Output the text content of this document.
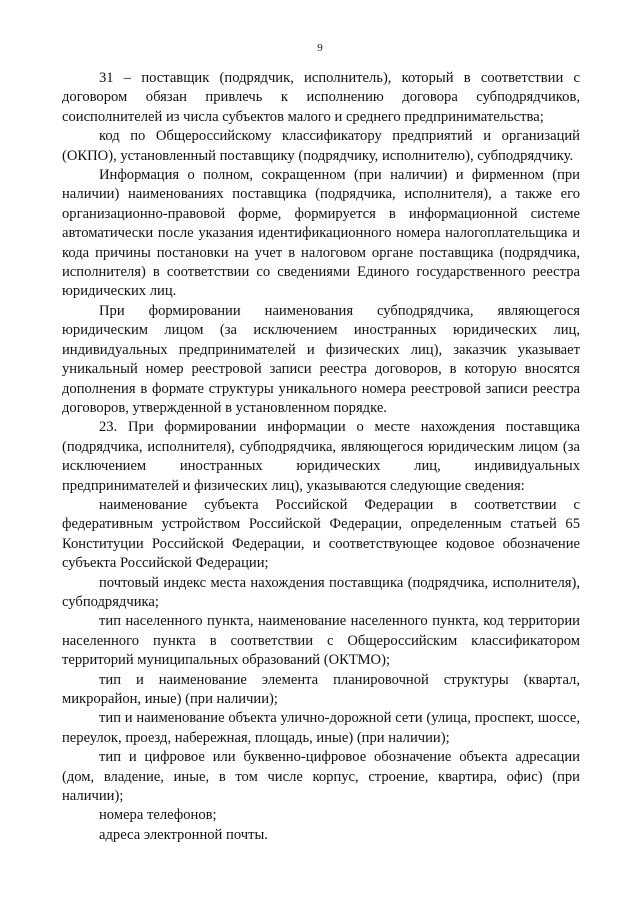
9

31 – поставщик (подрядчик, исполнитель), который в соответствии с договором обязан привлечь к исполнению договора субподрядчиков, соисполнителей из числа субъектов малого и среднего предпринимательства;

код по Общероссийскому классификатору предприятий и организаций (ОКПО), установленный поставщику (подрядчику, исполнителю), субподрядчику.

Информация о полном, сокращенном (при наличии) и фирменном (при наличии) наименованиях поставщика (подрядчика, исполнителя), а также его организационно-правовой форме, формируется в информационной системе автоматически после указания идентификационного номера налогоплательщика и кода причины постановки на учет в налоговом органе поставщика (подрядчика, исполнителя) в соответствии со сведениями Единого государственного реестра юридических лиц.

При формировании наименования субподрядчика, являющегося юридическим лицом (за исключением иностранных юридических лиц, индивидуальных предпринимателей и физических лиц), заказчик указывает уникальный номер реестровой записи реестра договоров, в которую вносятся дополнения в формате структуры уникального номера реестровой записи реестра договоров, утвержденной в установленном порядке.

23. При формировании информации о месте нахождения поставщика (подрядчика, исполнителя), субподрядчика, являющегося юридическим лицом (за исключением иностранных юридических лиц, индивидуальных предпринимателей и физических лиц), указываются следующие сведения:

наименование субъекта Российской Федерации в соответствии с федеративным устройством Российской Федерации, определенным статьей 65 Конституции Российской Федерации, и соответствующее кодовое обозначение субъекта Российской Федерации;

почтовый индекс места нахождения поставщика (подрядчика, исполнителя), субподрядчика;

тип населенного пункта, наименование населенного пункта, код территории населенного пункта в соответствии с Общероссийским классификатором территорий муниципальных образований (ОКТМО);

тип и наименование элемента планировочной структуры (квартал, микрорайон, иные) (при наличии);

тип и наименование объекта улично-дорожной сети (улица, проспект, шоссе, переулок, проезд, набережная, площадь, иные) (при наличии);

тип и цифровое или буквенно-цифровое обозначение объекта адресации (дом, владение, иные, в том числе корпус, строение, квартира, офис) (при наличии);

номера телефонов;

адреса электронной почты.
